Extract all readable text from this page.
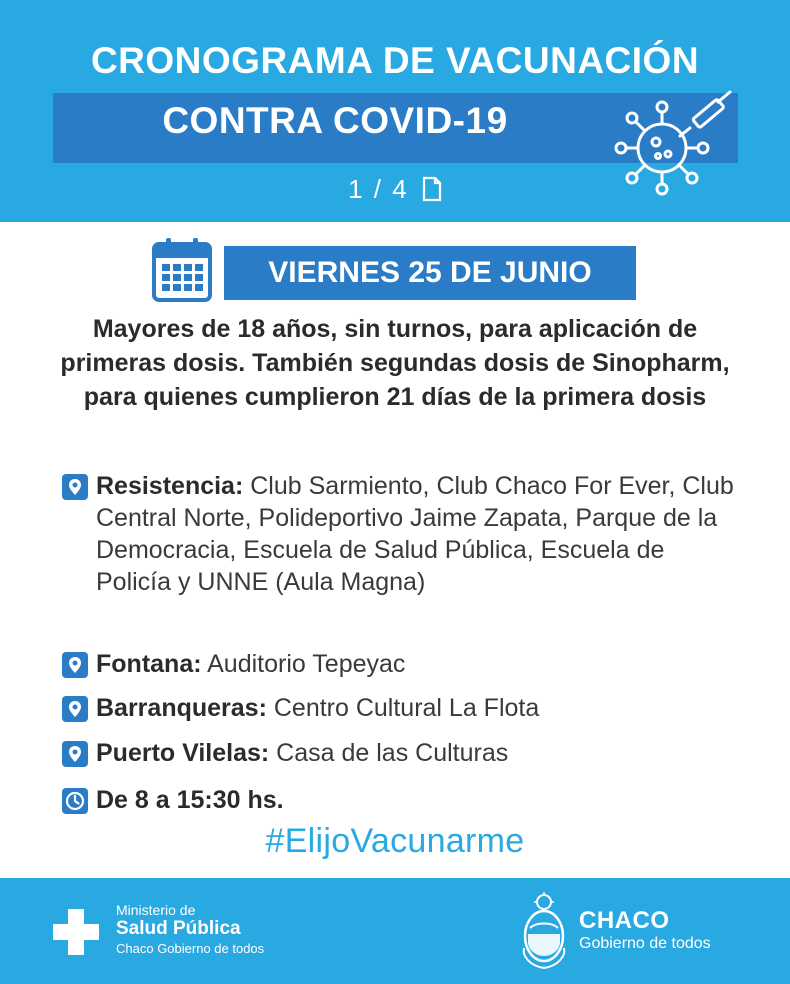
CRONOGRAMA DE VACUNACIÓN
CONTRA COVID-19
1 / 4
VIERNES 25 DE JUNIO
Mayores de 18 años, sin turnos, para aplicación de primeras dosis. También segundas dosis de Sinopharm, para quienes cumplieron 21 días de la primera dosis
Resistencia: Club Sarmiento, Club Chaco For Ever, Club Central Norte, Polideportivo Jaime Zapata, Parque de la Democracia, Escuela de Salud Pública, Escuela de Policía y UNNE (Aula Magna)
Fontana: Auditorio Tepeyac
Barranqueras: Centro Cultural La Flota
Puerto Vilelas: Casa de las Culturas
De 8 a 15:30 hs.
#ElijoVacunarme
Ministerio de
Salud Pública
Chaco Gobierno de todos
CHACO
Gobierno de todos
